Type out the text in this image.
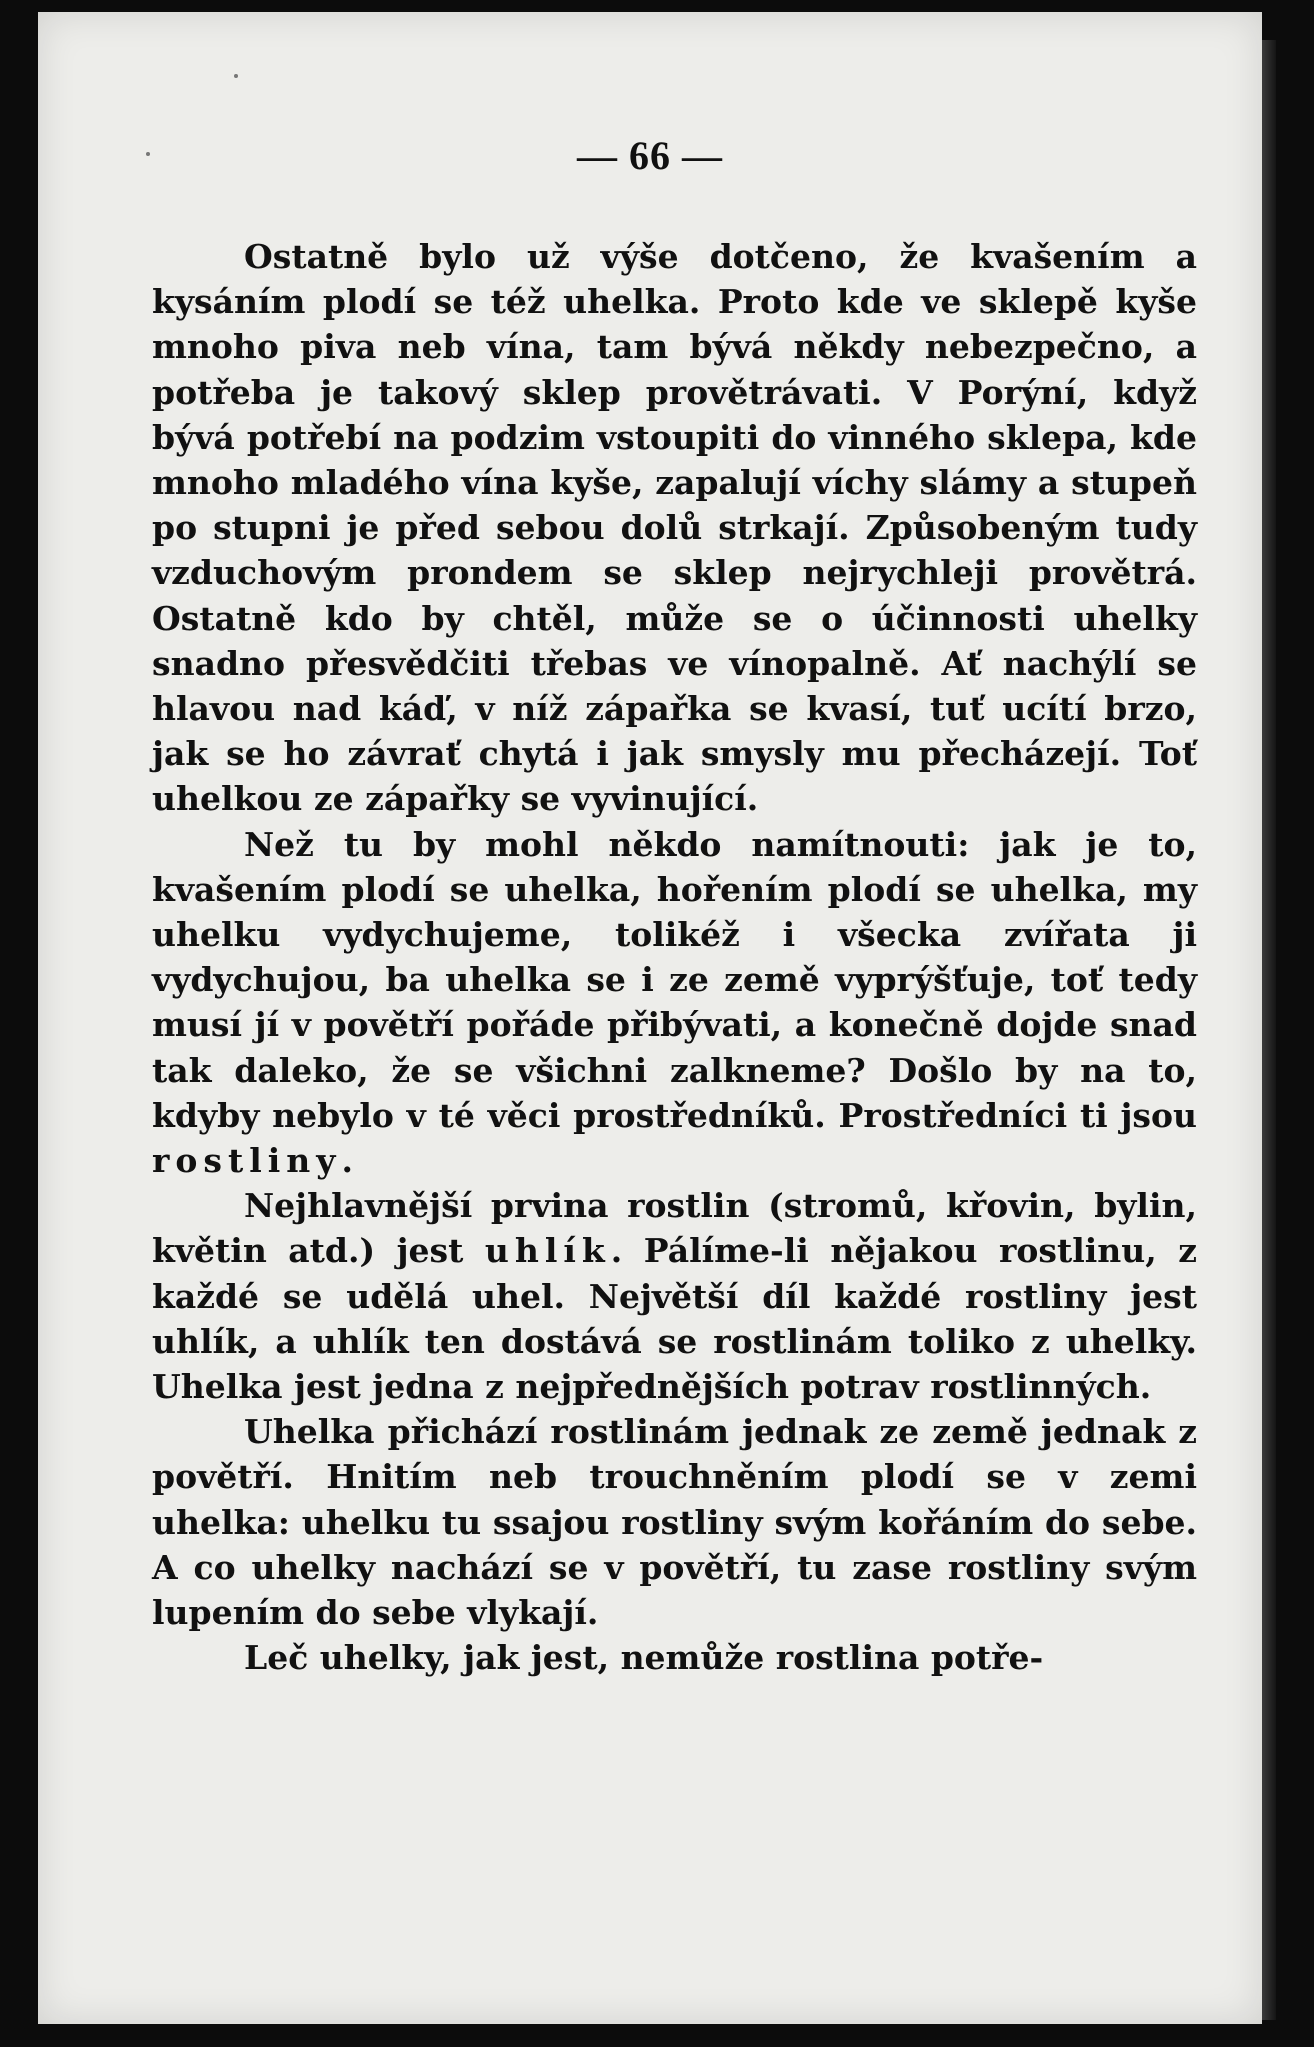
— 66 —

Ostatně bylo už výše dotčeno, že kvašením a kysáním plodí se též uhelka. Proto kde ve sklepě kyše mnoho piva neb vína, tam bývá někdy nebezpečno, a potřeba je takový sklep provětrávati. V Porýní, když bývá potřebí na podzim vstoupiti do vinného sklepa, kde mnoho mladého vína kyše, zapalují víchy slámy a stupeň po stupni je před sebou dolů strkají. Způsobeným tudy vzduchovým prondem se sklep nejrychleji provětrá. Ostatně kdo by chtěl, může se o účinnosti uhelky snadno přesvědčiti třebas ve vínopalně. Ať nachýlí se hlavou nad káď, v níž zápařka se kvasí, tuť ucítí brzo, jak se ho závrať chytá i jak smysly mu přecházejí. Toť uhelkou ze zápařky se vyvinující.

Než tu by mohl někdo namítnouti: jak je to, kvašením plodí se uhelka, hořením plodí se uhelka, my uhelku vydychujeme, tolikéž i všecka zvířata ji vydychujou, ba uhelka se i ze země vyprýšťuje, toť tedy musí jí v povětří pořáde přibývati, a konečně dojde snad tak daleko, že se všichni zalkneme? Došlo by na to, kdyby nebylo v té věci prostředníků. Prostředníci ti jsou rostliny.

Nejhlavnější prvina rostlin (stromů, křovin, bylin, květin atd.) jest uhlík. Pálíme-li nějakou rostlinu, z každé se udělá uhel. Největší díl každé rostliny jest uhlík, a uhlík ten dostává se rostlinám toliko z uhelky. Uhelka jest jedna z nejpřednějších potrav rostlinných.

Uhelka přichází rostlinám jednak ze země jednak z povětří. Hnitím neb trouchněním plodí se v zemi uhelka: uhelku tu ssajou rostliny svým kořáním do sebe. A co uhelky nachází se v povětří, tu zase rostliny svým lupením do sebe vlykají.

Leč uhelky, jak jest, nemůže rostlina potře-
